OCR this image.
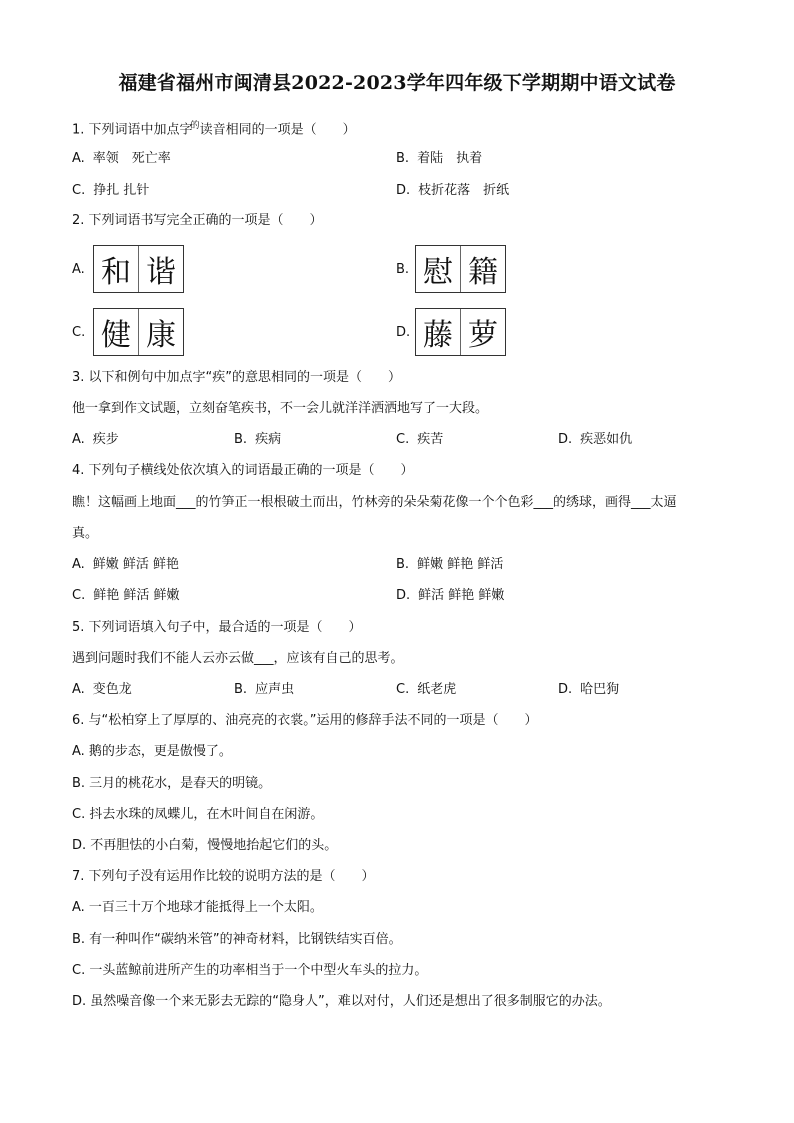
福建省福州市闽清县2022-2023学年四年级下学期期中语文试卷
1. 下列词语中加点字$^的$读音相同的一项是（　　）
A. 率领　死亡率	B. 着陆　执着
C. 挣扎 扎针	D. 枝折花落　折纸
2. 下列词语书写完全正确的一项是（　　）
A. 和 谐	B. 慰 籍
C. 健 康	D. 藤 萝
3. 以下和例句中加点字“疾”的意思相同的一项是（　　）
他一拿到作文试题，立刻奋笔疾书，不一会儿就洋洋洒洒地写了一大段。
A. 疾步	B. 疾病	C. 疾苦	D. 疾恶如仇
4. 下列句子横线处依次填入的词语最正确的一项是（　　）
瞧！这幅画上地面___的竹笋正一根根破土而出，竹林旁的朵朵菊花像一个个色彩___的绣球，画得___太逼
真。
A. 鲜嫩 鲜活 鲜艳	B. 鲜嫩 鲜艳 鲜活
C. 鲜艳 鲜活 鲜嫩	D. 鲜活 鲜艳 鲜嫩
5. 下列词语填入句子中，最合适的一项是（　　）
遇到问题时我们不能人云亦云做___，应该有自己的思考。
A. 变色龙	B. 应声虫	C. 纸老虎	D. 哈巴狗
6. 与“松柏穿上了厚厚的、油亮亮的衣裳。”运用的修辞手法不同的一项是（　　）
A. 鹅的步态，更是傲慢了。
B. 三月的桃花水，是春天的明镜。
C. 抖去水珠的凤蝶儿，在木叶间自在闲游。
D. 不再胆怯的小白菊，慢慢地抬起它们的头。
7. 下列句子没有运用作比较的说明方法的是（　　）
A. 一百三十万个地球才能抵得上一个太阳。
B. 有一种叫作“碳纳米管”的神奇材料，比钢铁结实百倍。
C. 一头蓝鲸前进所产生的功率相当于一个中型火车头的拉力。
D. 虽然噪音像一个来无影去无踪的“隐身人”，难以对付，人们还是想出了很多制服它的办法。
